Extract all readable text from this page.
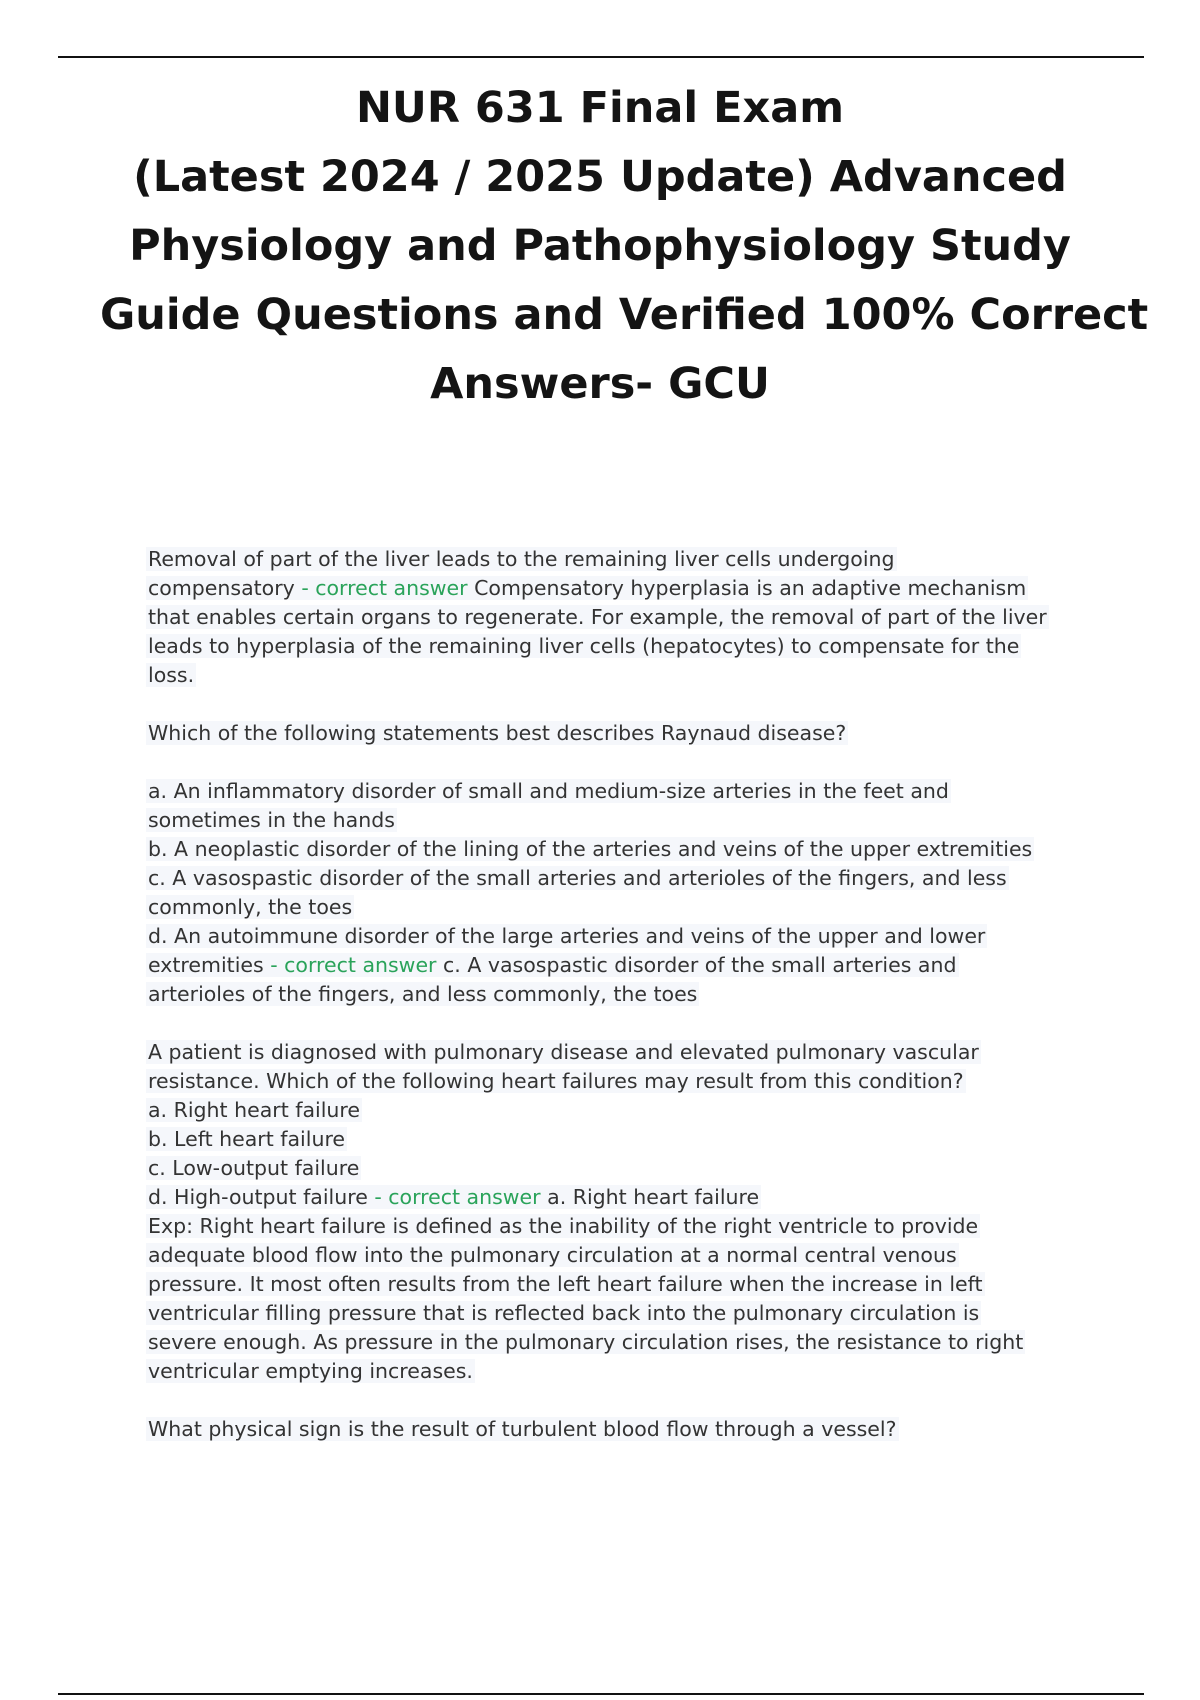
NUR 631 Final Exam
(Latest 2024 / 2025 Update) Advanced
Physiology and Pathophysiology Study
Guide Questions and Verified 100% Correct
Answers- GCU
Removal of part of the liver leads to the remaining liver cells undergoing
compensatory - correct answer Compensatory hyperplasia is an adaptive mechanism
that enables certain organs to regenerate. For example, the removal of part of the liver
leads to hyperplasia of the remaining liver cells (hepatocytes) to compensate for the
loss.
Which of the following statements best describes Raynaud disease?
a. An inflammatory disorder of small and medium-size arteries in the feet and
sometimes in the hands
b. A neoplastic disorder of the lining of the arteries and veins of the upper extremities
c. A vasospastic disorder of the small arteries and arterioles of the fingers, and less
commonly, the toes
d. An autoimmune disorder of the large arteries and veins of the upper and lower
extremities - correct answer c. A vasospastic disorder of the small arteries and
arterioles of the fingers, and less commonly, the toes
A patient is diagnosed with pulmonary disease and elevated pulmonary vascular
resistance. Which of the following heart failures may result from this condition?
a. Right heart failure
b. Left heart failure
c. Low-output failure
d. High-output failure - correct answer a. Right heart failure
Exp: Right heart failure is defined as the inability of the right ventricle to provide
adequate blood flow into the pulmonary circulation at a normal central venous
pressure. It most often results from the left heart failure when the increase in left
ventricular filling pressure that is reflected back into the pulmonary circulation is
severe enough. As pressure in the pulmonary circulation rises, the resistance to right
ventricular emptying increases.
What physical sign is the result of turbulent blood flow through a vessel?
